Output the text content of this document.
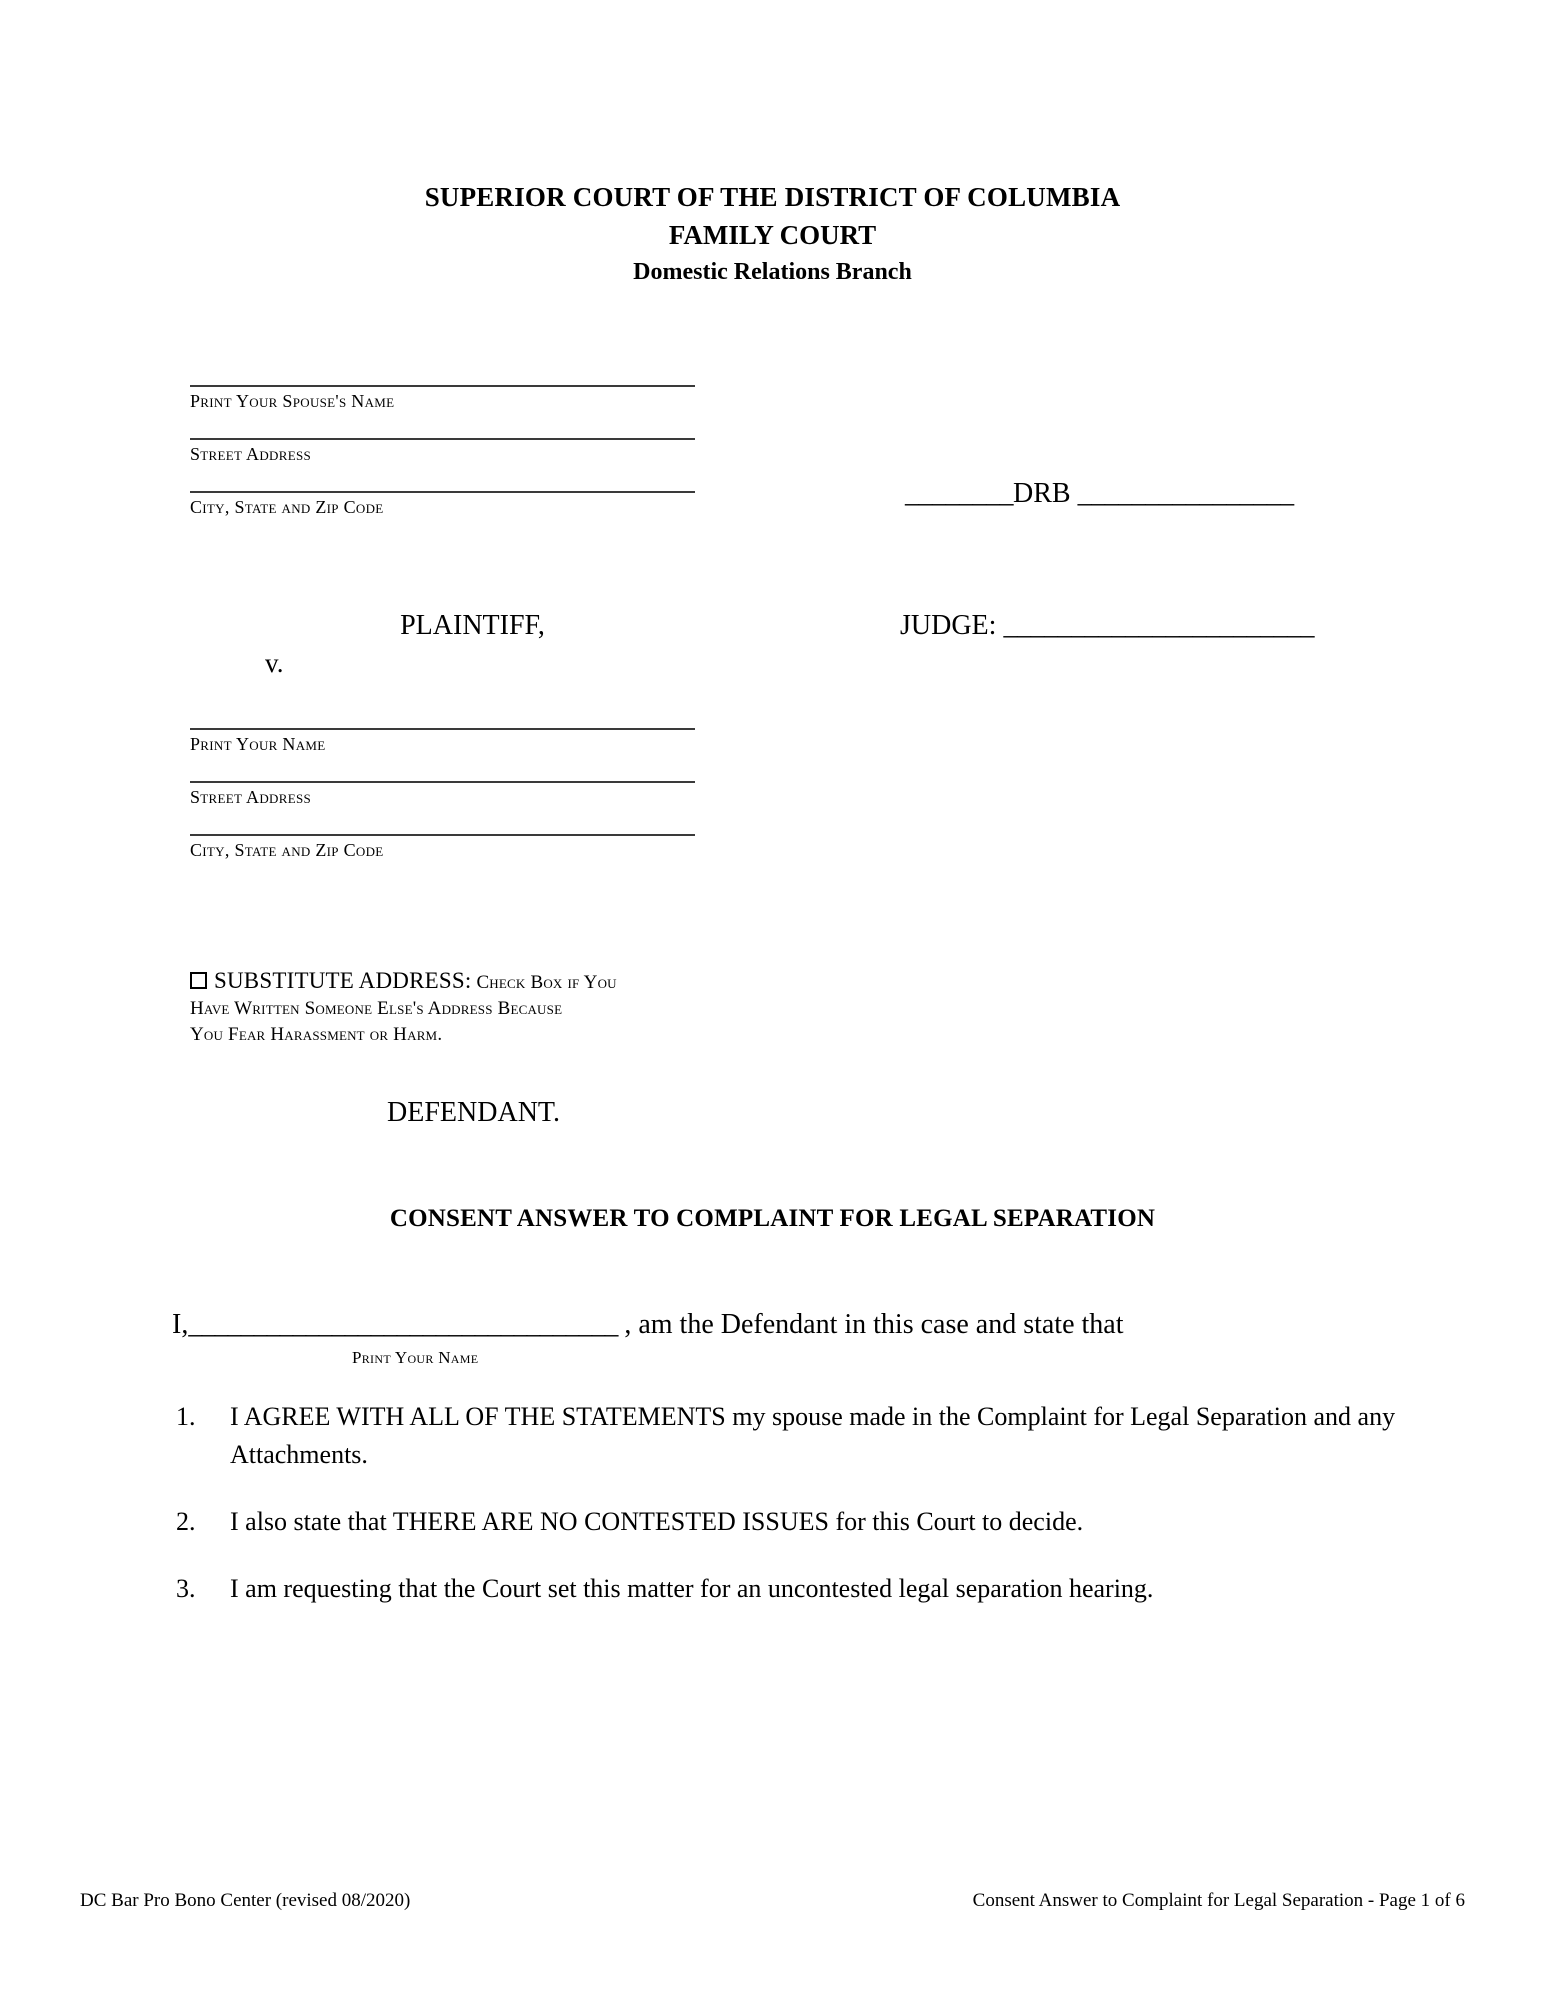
SUPERIOR COURT OF THE DISTRICT OF COLUMBIA
FAMILY COURT
Domestic Relations Branch
Print Your Spouse's Name
Street Address
City, State and Zip Code
PLAINTIFF,
v.
Print Your Name
Street Address
City, State and Zip Code
SUBSTITUTE ADDRESS: Check Box if You
Have Written Someone Else's Address Because
You Fear Harassment or Harm.
DEFENDANT.
________DRB ________________
JUDGE: _______________________
CONSENT ANSWER TO COMPLAINT FOR LEGAL SEPARATION
I,_________________________________ , am the Defendant in this case and state that
Print Your Name
1. I AGREE WITH ALL OF THE STATEMENTS my spouse made in the Complaint for Legal Separation and any Attachments.
2. I also state that THERE ARE NO CONTESTED ISSUES for this Court to decide.
3. I am requesting that the Court set this matter for an uncontested legal separation hearing.
DC Bar Pro Bono Center (revised 08/2020)	Consent Answer to Complaint for Legal Separation - Page 1 of 6
